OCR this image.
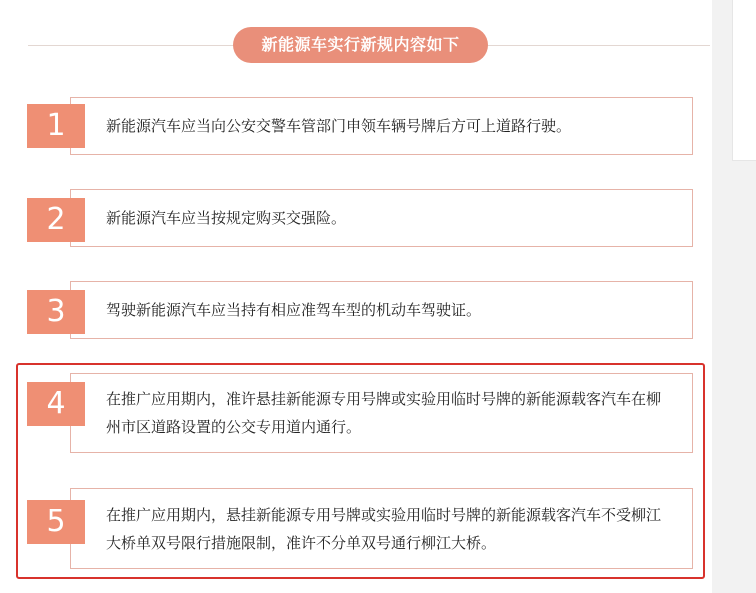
新能源车实行新规内容如下
新能源汽车应当向公安交警车管部门申领车辆号牌后方可上道路行驶。
1
新能源汽车应当按规定购买交强险。
2
驾驶新能源汽车应当持有相应准驾车型的机动车驾驶证。
3
在推广应用期内，准许悬挂新能源专用号牌或实验用临时号牌的新能源载客汽车在柳州市区道路设置的公交专用道内通行。
4
在推广应用期内，悬挂新能源专用号牌或实验用临时号牌的新能源载客汽车不受柳江大桥单双号限行措施限制，准许不分单双号通行柳江大桥。
5
